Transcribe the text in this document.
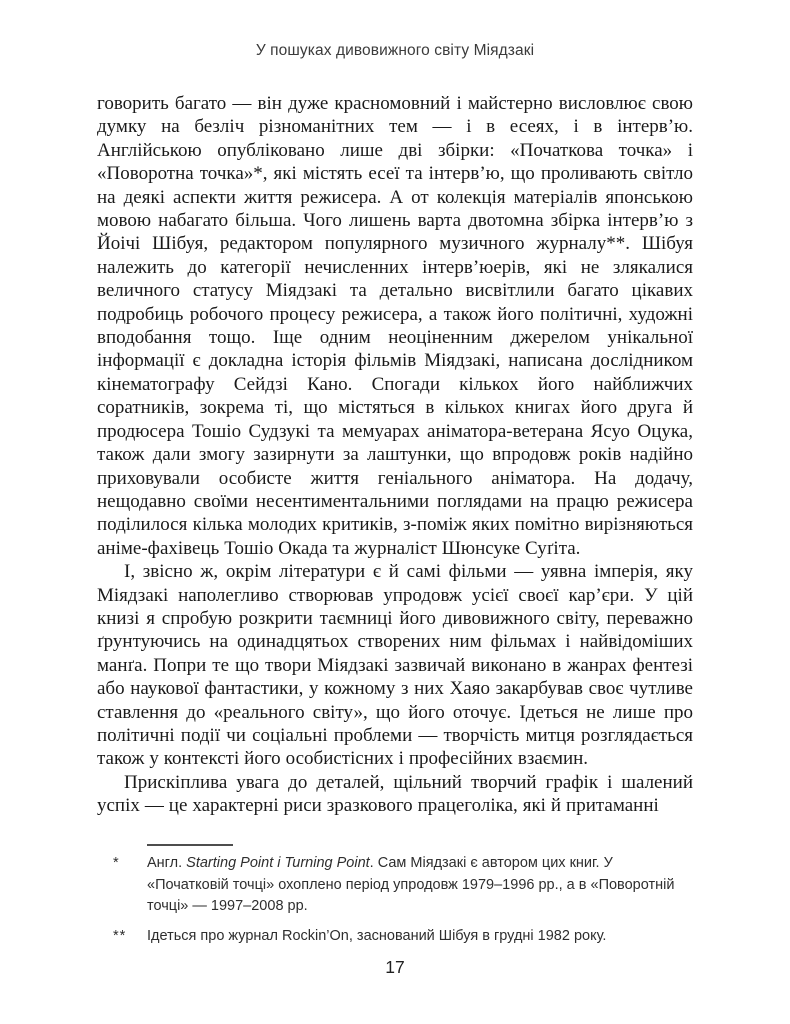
У пошуках дивовижного світу Міядзакі

говорить багато — він дуже красномовний і майстерно висловлює свою думку на безліч різноманітних тем — і в есеях, і в інтерв’ю. Англійською опубліковано лише дві збірки: «Початкова точка» і «Поворотна точка»*, які містять есеї та інтерв’ю, що проливають світло на деякі аспекти життя режисера. А от колекція матеріалів японською мовою набагато більша. Чого лишень варта двотомна збірка інтерв’ю з Йоічі Шібуя, редактором популярного музичного журналу**. Шібуя належить до категорії нечисленних інтерв’юерів, які не злякалися величного статусу Міядзакі та детально висвітлили багато цікавих подробиць робочого процесу режисера, а також його політичні, художні вподобання тощо. Іще одним неоціненним джерелом унікальної інформації є докладна історія фільмів Міядзакі, написана дослідником кінематографу Сейдзі Кано. Спогади кількох його найближчих соратників, зокрема ті, що містяться в кількох книгах його друга й продюсера Тошіо Судзукі та мемуарах аніматора-ветерана Ясуо Оцука, також дали змогу зазирнути за лаштунки, що впродовж років надійно приховували особисте життя геніального аніматора. На додачу, нещодавно своїми несентиментальними поглядами на працю режисера поділилося кілька молодих критиків, з-поміж яких помітно вирізняються аніме-фахівець Тошіо Окада та журналіст Шюнсуке Суґіта.

І, звісно ж, окрім літератури є й самі фільми — уявна імперія, яку Міядзакі наполегливо створював упродовж усієї своєї кар’єри. У цій книзі я спробую розкрити таємниці його дивовижного світу, переважно ґрунтуючись на одинадцятьох створених ним фільмах і найвідоміших манґа. Попри те що твори Міядзакі зазвичай виконано в жанрах фентезі або наукової фантастики, у кожному з них Хаяо закарбував своє чутливе ставлення до «реального світу», що його оточує. Ідеться не лише про політичні події чи соціальні проблеми — творчість митця розглядається також у контексті його особистісних і професійних взаємин.

Прискіплива увага до деталей, щільний творчий графік і шалений успіх — це характерні риси зразкового працеголіка, які й притаманні

*	Англ. Starting Point і Turning Point. Сам Міядзакі є автором цих книг. У «Початковій точці» охоплено період упродовж 1979–1996 рр., а в «Поворотній точці» — 1997–2008 рр.
**	Ідеться про журнал Rockin’On, заснований Шібуя в грудні 1982 року.
17
